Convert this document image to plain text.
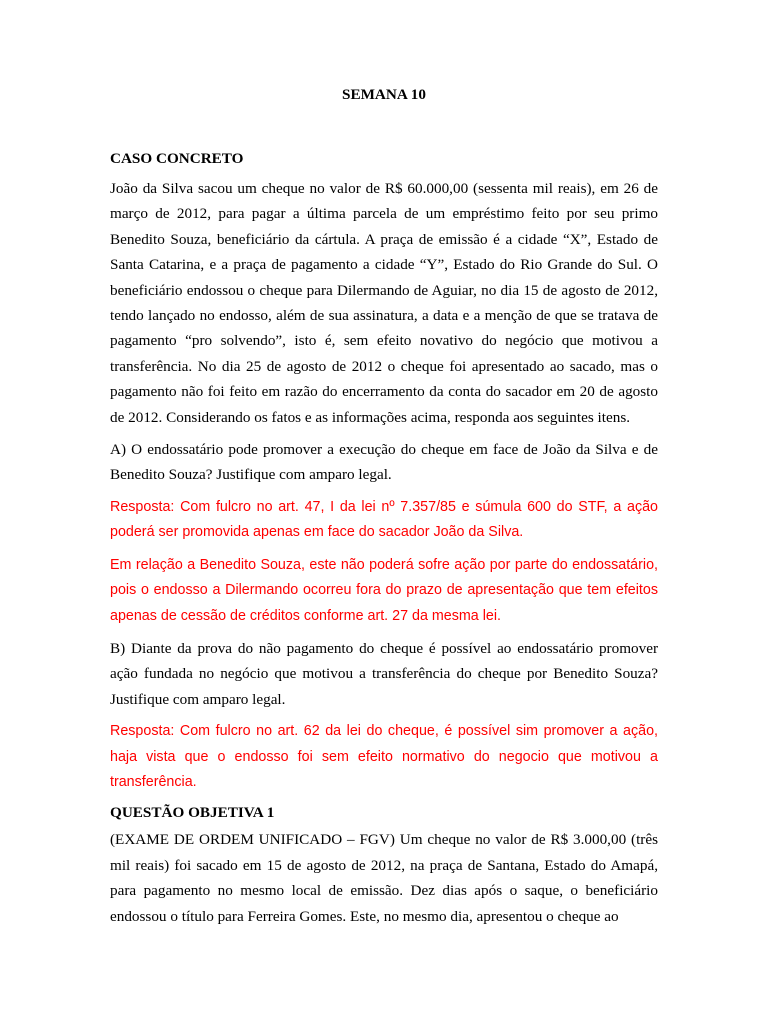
SEMANA 10
CASO CONCRETO
João da Silva sacou um cheque no valor de R$ 60.000,00 (sessenta mil reais), em 26 de março de 2012, para pagar a última parcela de um empréstimo feito por seu primo Benedito Souza, beneficiário da cártula. A praça de emissão é a cidade “X”, Estado de Santa Catarina, e a praça de pagamento a cidade “Y”, Estado do Rio Grande do Sul. O beneficiário endossou o cheque para Dilermando de Aguiar, no dia 15 de agosto de 2012, tendo lançado no endosso, além de sua assinatura, a data e a menção de que se tratava de pagamento “pro solvendo”, isto é, sem efeito novativo do negócio que motivou a transferência. No dia 25 de agosto de 2012 o cheque foi apresentado ao sacado, mas o pagamento não foi feito em razão do encerramento da conta do sacador em 20 de agosto de 2012. Considerando os fatos e as informações acima, responda aos seguintes itens.
A) O endossatário pode promover a execução do cheque em face de João da Silva e de Benedito Souza? Justifique com amparo legal.
Resposta: Com fulcro no art. 47, I da lei nº 7.357/85 e súmula 600 do STF, a ação poderá ser promovida apenas em face do sacador João da Silva.
Em relação a Benedito Souza, este não poderá sofre ação por parte do endossatário, pois o endosso a Dilermando ocorreu fora do prazo de apresentação que tem efeitos apenas de cessão de créditos conforme art. 27 da mesma lei.
B) Diante da prova do não pagamento do cheque é possível ao endossatário promover ação fundada no negócio que motivou a transferência do cheque por Benedito Souza? Justifique com amparo legal.
Resposta: Com fulcro no art. 62 da lei do cheque, é possível sim promover a ação, haja vista que o endosso foi sem efeito normativo do negocio que motivou a transferência.
QUESTÃO OBJETIVA 1
(EXAME DE ORDEM UNIFICADO – FGV) Um cheque no valor de R$ 3.000,00 (três mil reais) foi sacado em 15 de agosto de 2012, na praça de Santana, Estado do Amapá, para pagamento no mesmo local de emissão. Dez dias após o saque, o beneficiário endossou o título para Ferreira Gomes. Este, no mesmo dia, apresentou o cheque ao
